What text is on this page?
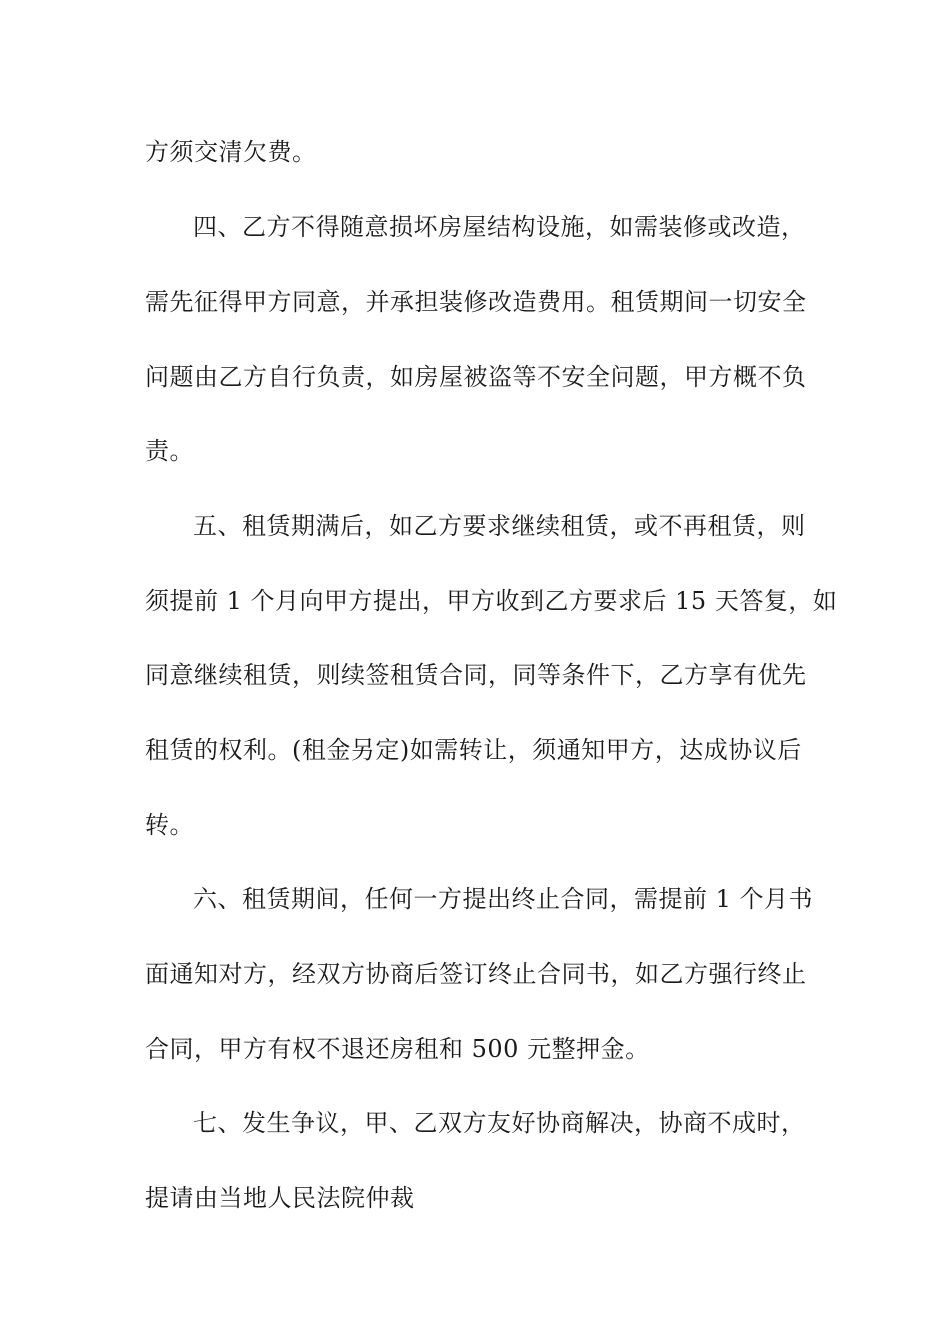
方须交清欠费。
四、乙方不得随意损坏房屋结构设施，如需装修或改造，
需先征得甲方同意，并承担装修改造费用。租赁期间一切安全
问题由乙方自行负责，如房屋被盗等不安全问题，甲方概不负
责。
五、租赁期满后，如乙方要求继续租赁，或不再租赁，则
须提前 1 个月向甲方提出，甲方收到乙方要求后 15 天答复，如
同意继续租赁，则续签租赁合同，同等条件下，乙方享有优先
租赁的权利。(租金另定)如需转让，须通知甲方，达成协议后
转。
六、租赁期间，任何一方提出终止合同，需提前 1 个月书
面通知对方，经双方协商后签订终止合同书，如乙方强行终止
合同，甲方有权不退还房租和 500 元整押金。
七、发生争议，甲、乙双方友好协商解决，协商不成时，
提请由当地人民法院仲裁
